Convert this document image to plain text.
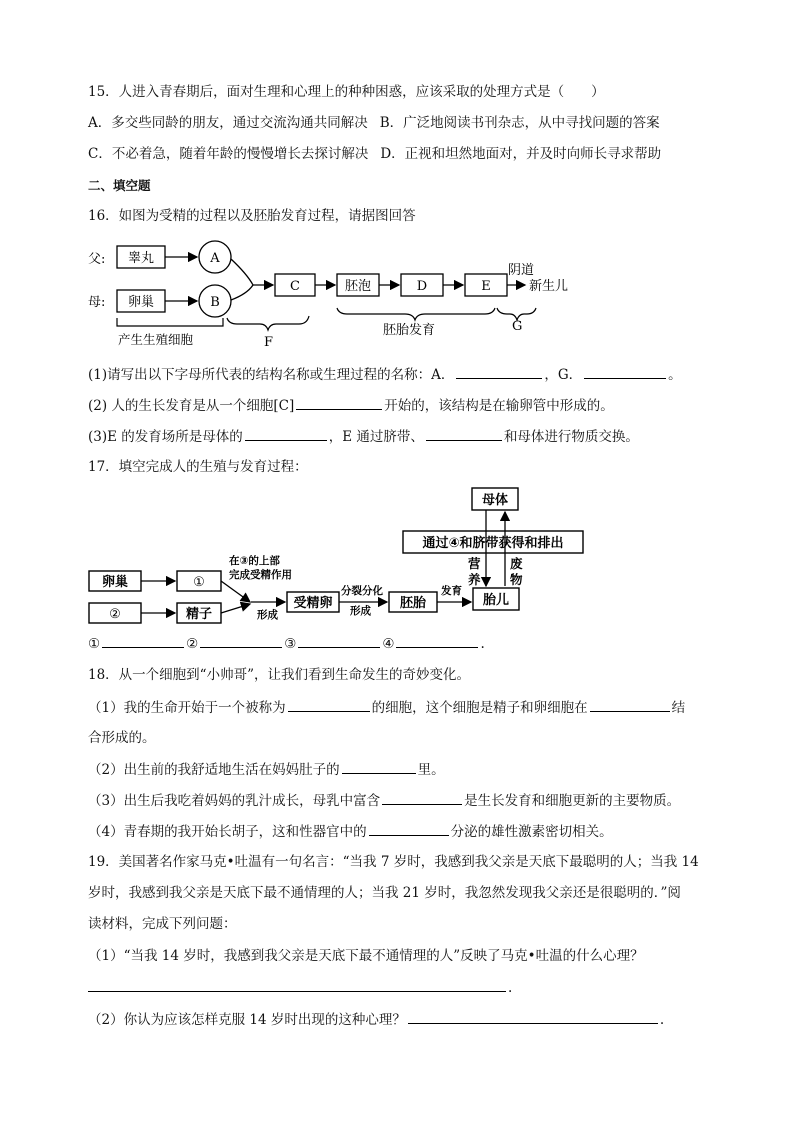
15．人进入青春期后，面对生理和心理上的种种困惑，应该采取的处理方式是（　　）
A．多交些同龄的朋友，通过交流沟通共同解决 B．广泛地阅读书刊杂志，从中寻找问题的答案
C．不必着急，随着年龄的慢慢增长去探讨解决 D．正视和坦然地面对，并及时向师长寻求帮助
二、填空题
16．如图为受精的过程以及胚胎发育过程，请据图回答
父:
母:
睾丸
卵巢
A
B
C	胚泡	D	E
阴道
新生儿
产生生殖细胞	F
胚胎发育	G
(1)请写出以下字母所代表的结构名称或生理过程的名称：A．	，G．	。
(2) 人的生长发育是从一个细胞[C]	开始的，该结构是在输卵管中形成的。
(3)E 的发育场所是母体的	，E 通过脐带、	和母体进行物质交换。
17．填空完成人的生殖与发育过程：
母体
通过④和脐带获得和排出
营
养
废
物
卵巢	①
②	精子
在③的上部
完成受精作用
形成
受精卵
分裂分化
形成 胚胎
发育
胎儿
①	②	③	④	.
18．从一个细胞到“小帅哥”，让我们看到生命发生的奇妙变化。
（1）我的生命开始于一个被称为	的细胞，这个细胞是精子和卵细胞在	结
合形成的。
（2）出生前的我舒适地生活在妈妈肚子的	里。
（3）出生后我吃着妈妈的乳汁成长，母乳中富含	是生长发育和细胞更新的主要物质。
（4）青春期的我开始长胡子，这和性器官中的	分泌的雄性激素密切相关。
19．美国著名作家马克•吐温有一句名言：“当我 7 岁时，我感到我父亲是天底下最聪明的人；当我 14
岁时，我感到我父亲是天底下最不通情理的人；当我 21 岁时，我忽然发现我父亲还是很聪明的．”阅
读材料，完成下列问题：
（1）“当我 14 岁时，我感到我父亲是天底下最不通情理的人”反映了马克•吐温的什么心理？
.
（2）你认为应该怎样克服 14 岁时出现的这种心理？	.
